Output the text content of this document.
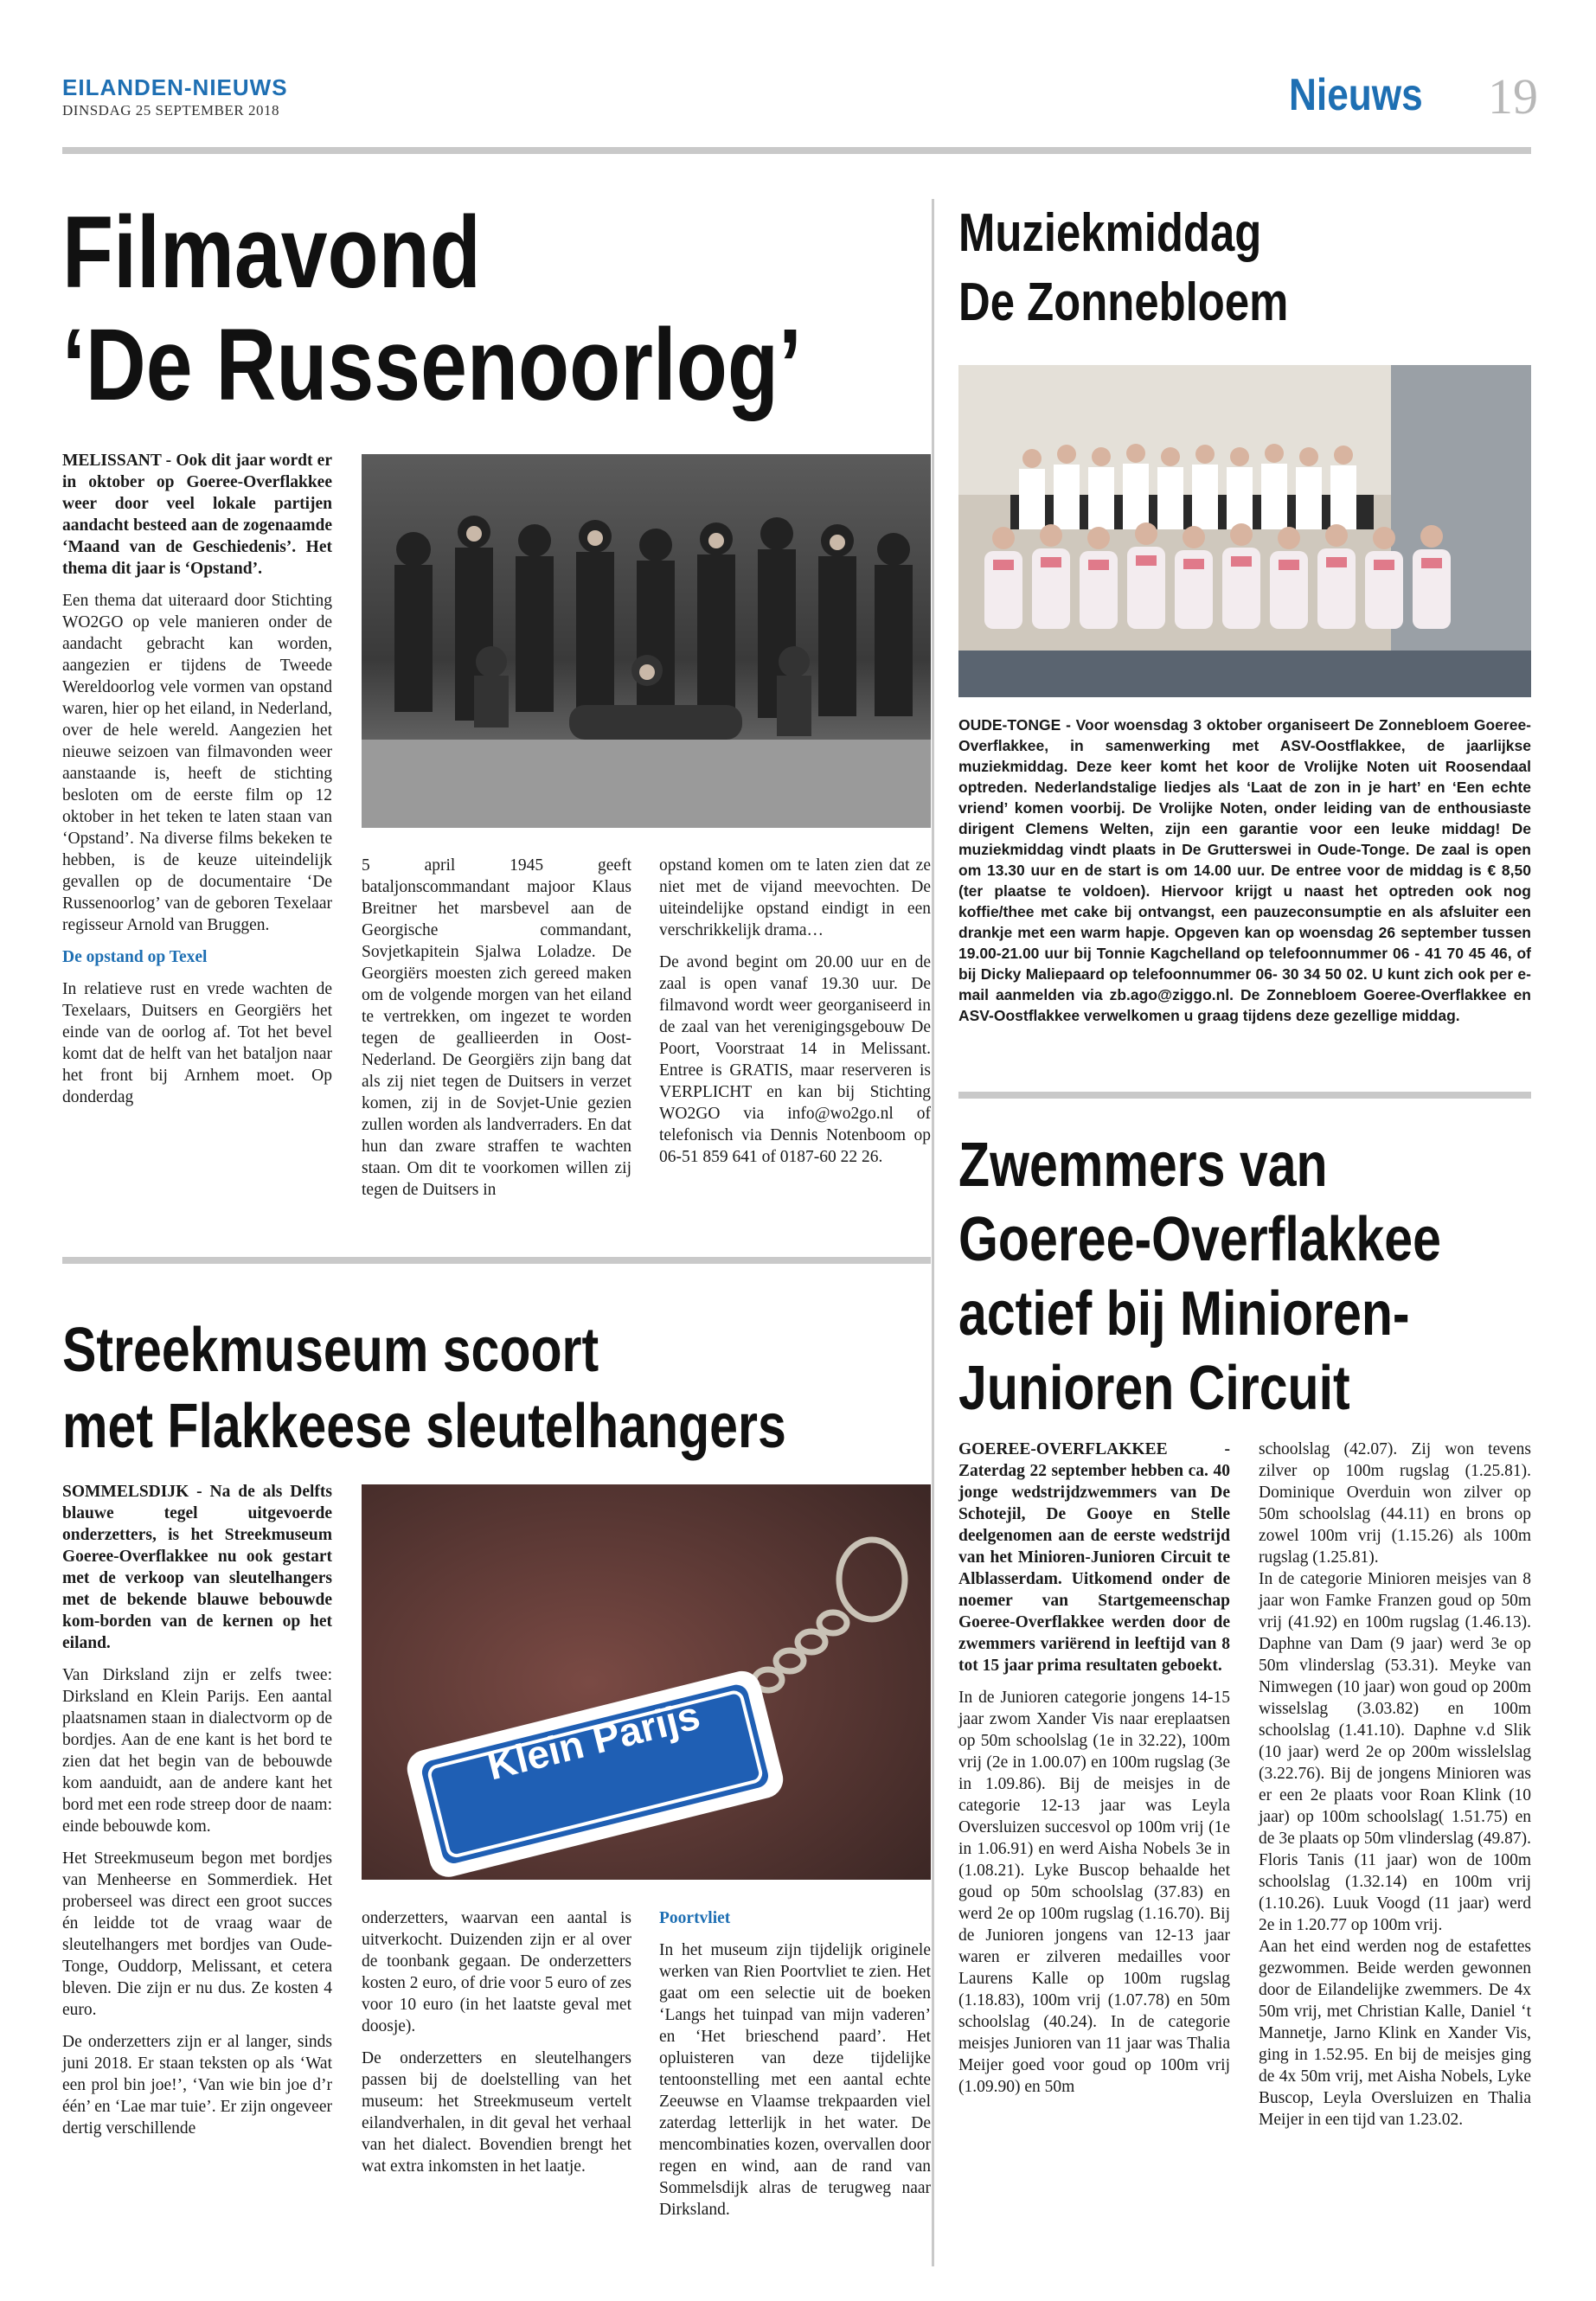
EILANDEN-NIEUWS
DINSDAG 25 SEPTEMBER 2018	Nieuws 19
Filmavond
‘De Russenoorlog’

MELISSANT - Ook dit jaar wordt er in oktober op Goeree-Overflakkee weer door veel lokale partijen aandacht besteed aan de zogenaamde ‘Maand van de Geschiedenis’. Het thema dit jaar is ‘Opstand’.

Een thema dat uiteraard door Stichting WO2GO op vele manieren onder de aandacht gebracht kan worden, aangezien er tijdens de Tweede Wereldoorlog vele vormen van opstand waren, hier op het eiland, in Nederland, over de hele wereld. Aangezien het nieuwe seizoen van filmavonden weer aanstaande is, heeft de stichting besloten om de eerste film op 12 oktober in het teken te laten staan van ‘Opstand’. Na diverse films bekeken te hebben, is de keuze uiteindelijk gevallen op de documentaire ‘De Russenoorlog’ van de geboren Texelaar regisseur Arnold van Bruggen.

De opstand op Texel

In relatieve rust en vrede wachten de Texelaars, Duitsers en Georgiërs het einde van de oorlog af. Tot het bevel komt dat de helft van het bataljon naar het front bij Arnhem moet. Op donderdag

5 april 1945 geeft bataljonscommandant majoor Klaus Breitner het marsbevel aan de Georgische commandant, Sovjetkapitein Sjalwa Loladze. De Georgiërs moesten zich gereed maken om de volgende morgen van het eiland te vertrekken, om ingezet te worden tegen de geallieerden in Oost-Nederland. De Georgiërs zijn bang dat als zij niet tegen de Duitsers in verzet komen, zij in de Sovjet-Unie gezien zullen worden als landverraders. En dat hun dan zware straffen te wachten staan. Om dit te voorkomen willen zij tegen de Duitsers in

opstand komen om te laten zien dat ze niet met de vijand meevochten. De uiteindelijke opstand eindigt in een verschrikkelijk drama…

De avond begint om 20.00 uur en de zaal is open vanaf 19.30 uur. De filmavond wordt weer georganiseerd in de zaal van het verenigingsgebouw De Poort, Voorstraat 14 in Melissant. Entree is GRATIS, maar reserveren is VERPLICHT en kan bij Stichting WO2GO via info@wo2go.nl of telefonisch via Dennis Notenboom op 06-51 859 641 of 0187-60 22 26.

Streekmuseum scoort
met Flakkeese sleutelhangers

SOMMELSDIJK - Na de als Delfts blauwe tegel uitgevoerde onderzetters, is het Streekmuseum Goeree-Overflakkee nu ook gestart met de verkoop van sleutelhangers met de bekende blauwe bebouwde kom-borden van de kernen op het eiland.

Van Dirksland zijn er zelfs twee: Dirksland en Klein Parijs. Een aantal plaatsnamen staan in dialectvorm op de bordjes. Aan de ene kant is het bord te zien dat het begin van de bebouwde kom aanduidt, aan de andere kant het bord met een rode streep door de naam: einde bebouwde kom.

Het Streekmuseum begon met bordjes van Menheerse en Sommerdiek. Het proberseel was direct een groot succes én leidde tot de vraag waar de sleutelhangers met bordjes van Oude-Tonge, Ouddorp, Melissant, et cetera bleven. Die zijn er nu dus. Ze kosten 4 euro.

De onderzetters zijn er al langer, sinds juni 2018. Er staan teksten op als ‘Wat een prol bin joe!’, ‘Van wie bin joe d’r één’ en ‘Lae mar tuie’. Er zijn ongeveer dertig verschillende

Klein Parijs

onderzetters, waarvan een aantal is uitverkocht. Duizenden zijn er al over de toonbank gegaan. De onderzetters kosten 2 euro, of drie voor 5 euro of zes voor 10 euro (in het laatste geval met doosje).

De onderzetters en sleutelhangers passen bij de doelstelling van het museum: het Streekmuseum vertelt eilandverhalen, in dit geval het verhaal van het dialect. Bovendien brengt het wat extra inkomsten in het laatje.

Poortvliet

In het museum zijn tijdelijk originele werken van Rien Poortvliet te zien. Het gaat om een selectie uit de boeken ‘Langs het tuinpad van mijn vaderen’ en ‘Het brieschend paard’. Het opluisteren van deze tijdelijke tentoonstelling met een aantal echte Zeeuwse en Vlaamse trekpaarden viel zaterdag letterlijk in het water. De mencombinaties kozen, overvallen door regen en wind, aan de rand van Sommelsdijk alras de terugweg naar Dirksland.

Muziekmiddag
De Zonnebloem
OUDE-TONGE - Voor woensdag 3 oktober organiseert De Zonnebloem Goeree-Overflakkee, in samenwerking met ASV-Oostflakkee, de jaarlijkse muziekmiddag. Deze keer komt het koor de Vrolijke Noten uit Roosendaal optreden. Nederlandstalige liedjes als ‘Laat de zon in je hart’ en ‘Een echte vriend’ komen voorbij. De Vrolijke Noten, onder leiding van de enthousiaste dirigent Clemens Welten, zijn een garantie voor een leuke middag! De muziekmiddag vindt plaats in De Grutterswei in Oude-Tonge. De zaal is open om 13.30 uur en de start is om 14.00 uur. De entree voor de middag is € 8,50 (ter plaatse te voldoen). Hiervoor krijgt u naast het optreden ook nog koffie/thee met cake bij ontvangst, een pauzeconsumptie en als afsluiter een drankje met een warm hapje. Opgeven kan op woensdag 26 september tussen 19.00-21.00 uur bij Tonnie Kagchelland op telefoonnummer 06 - 41 70 45 46, of bij Dicky Maliepaard op telefoonnummer 06- 30 34 50 02. U kunt zich ook per e-mail aanmelden via zb.ago@ziggo.nl. De Zonnebloem Goeree-Overflakkee en ASV-Oostflakkee verwelkomen u graag tijdens deze gezellige middag.
Zwemmers van
Goeree-Overflakkee
actief bij Minioren-
Junioren Circuit

GOEREE-OVERFLAKKEE - Zaterdag 22 september hebben ca. 40 jonge wedstrijdzwemmers van De Schotejil, De Gooye en Stelle deelgenomen aan de eerste wedstrijd van het Minioren-Junioren Circuit te Alblasserdam. Uitkomend onder de noemer van Startgemeenschap Goeree-Overflakkee werden door de zwemmers variërend in leeftijd van 8 tot 15 jaar prima resultaten geboekt.

In de Junioren categorie jongens 14-15 jaar zwom Xander Vis naar ereplaatsen op 50m schoolslag (1e in 32.22), 100m vrij (2e in 1.00.07) en 100m rugslag (3e in 1.09.86). Bij de meisjes in de categorie 12-13 jaar was Leyla Oversluizen succesvol op 100m vrij (1e in 1.06.91) en werd Aisha Nobels 3e in (1.08.21). Lyke Buscop behaalde het goud op 50m schoolslag (37.83) en werd 2e op 100m rugslag (1.16.70). Bij de Junioren jongens van 12-13 jaar waren er zilveren medailles voor Laurens Kalle op 100m rugslag (1.18.83), 100m vrij (1.07.78) en 50m schoolslag (40.24). In de categorie meisjes Junioren van 11 jaar was Thalia Meijer goed voor goud op 100m vrij (1.09.90) en 50m

schoolslag (42.07). Zij won tevens zilver op 100m rugslag (1.25.81). Dominique Overduin won zilver op 50m schoolslag (44.11) en brons op zowel 100m vrij (1.15.26) als 100m rugslag (1.25.81).

In de categorie Minioren meisjes van 8 jaar won Famke Franzen goud op 50m vrij (41.92) en 100m rugslag (1.46.13). Daphne van Dam (9 jaar) werd 3e op 50m vlinderslag (53.31). Meyke van Nimwegen (10 jaar) won goud op 200m wisselslag (3.03.82) en 100m schoolslag (1.41.10). Daphne v.d Slik (10 jaar) werd 2e op 200m wisslelslag (3.22.76). Bij de jongens Minioren was er een 2e plaats voor Roan Klink (10 jaar) op 100m schoolslag( 1.51.75) en de 3e plaats op 50m vlinderslag (49.87). Floris Tanis (11 jaar) won de 100m schoolslag (1.32.14) en 100m vrij (1.10.26). Luuk Voogd (11 jaar) werd 2e in 1.20.77 op 100m vrij.

Aan het eind werden nog de estafettes gezwommen. Beide werden gewonnen door de Eilandelijke zwemmers. De 4x 50m vrij, met Christian Kalle, Daniel ‘t Mannetje, Jarno Klink en Xander Vis, ging in 1.52.95. En bij de meisjes ging de 4x 50m vrij, met Aisha Nobels, Lyke Buscop, Leyla Oversluizen en Thalia Meijer in een tijd van 1.23.02.
